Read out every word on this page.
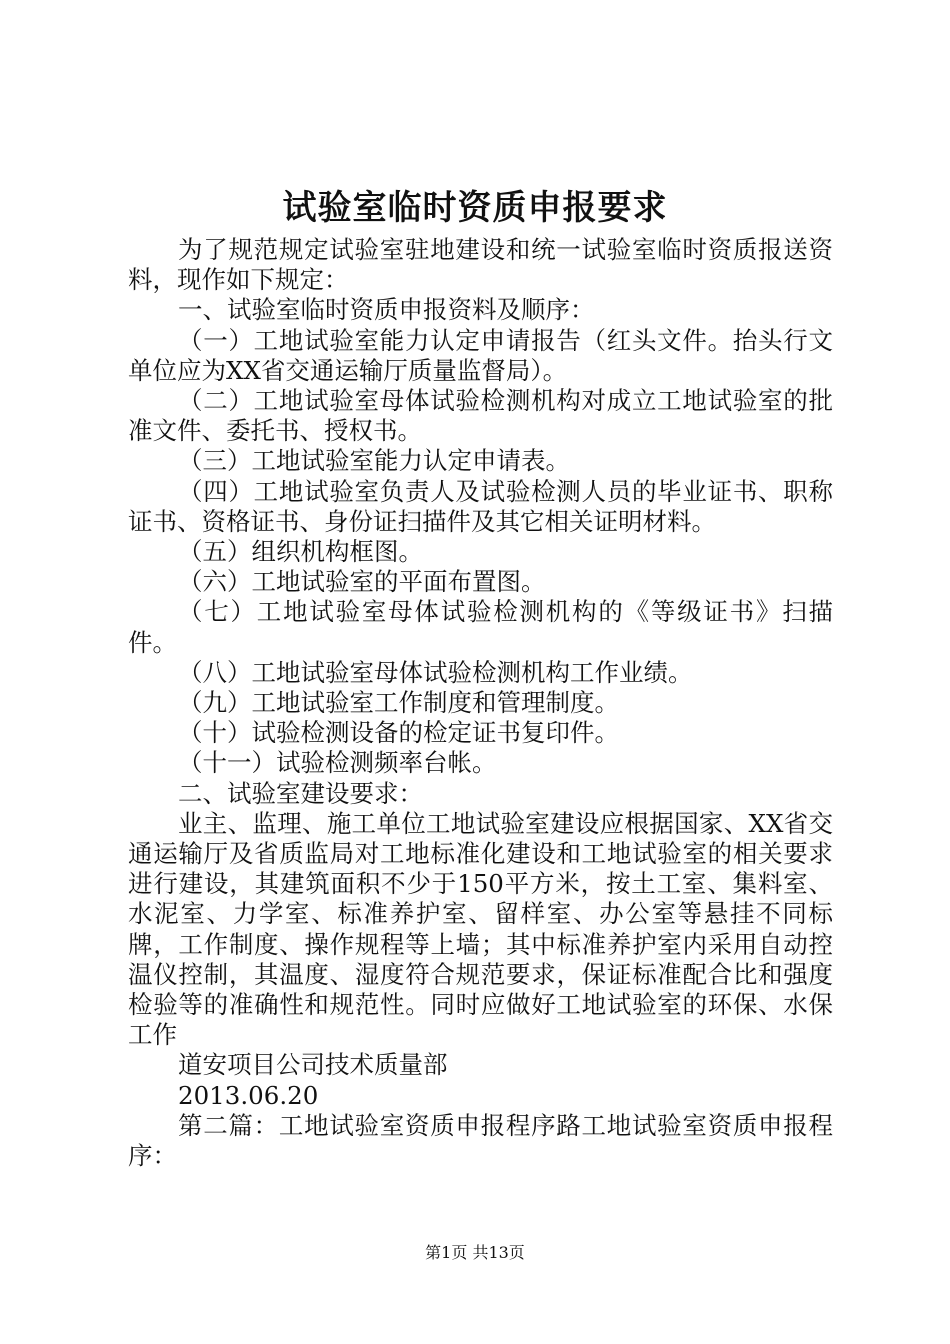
试验室临时资质申报要求

为了规范规定试验室驻地建设和统一试验室临时资质报送资料，现作如下规定：

一、试验室临时资质申报资料及顺序：

（一）工地试验室能力认定申请报告（红头文件。抬头行文单位应为XX省交通运输厅质量监督局）。

（二）工地试验室母体试验检测机构对成立工地试验室的批准文件、委托书、授权书。

（三）工地试验室能力认定申请表。

（四）工地试验室负责人及试验检测人员的毕业证书、职称证书、资格证书、身份证扫描件及其它相关证明材料。

（五）组织机构框图。

（六）工地试验室的平面布置图。

（七）工地试验室母体试验检测机构的《等级证书》扫描件。

（八）工地试验室母体试验检测机构工作业绩。

（九）工地试验室工作制度和管理制度。

（十）试验检测设备的检定证书复印件。

（十一）试验检测频率台帐。

二、试验室建设要求：

业主、监理、施工单位工地试验室建设应根据国家、XX省交通运输厅及省质监局对工地标准化建设和工地试验室的相关要求进行建设，其建筑面积不少于150平方米，按土工室、集料室、水泥室、力学室、标准养护室、留样室、办公室等悬挂不同标牌，工作制度、操作规程等上墙；其中标准养护室内采用自动控温仪控制，其温度、湿度符合规范要求，保证标准配合比和强度检验等的准确性和规范性。同时应做好工地试验室的环保、水保工作

道安项目公司技术质量部

2013.06.20

第二篇：工地试验室资质申报程序路工地试验室资质申报程序：

第1页 共13页
